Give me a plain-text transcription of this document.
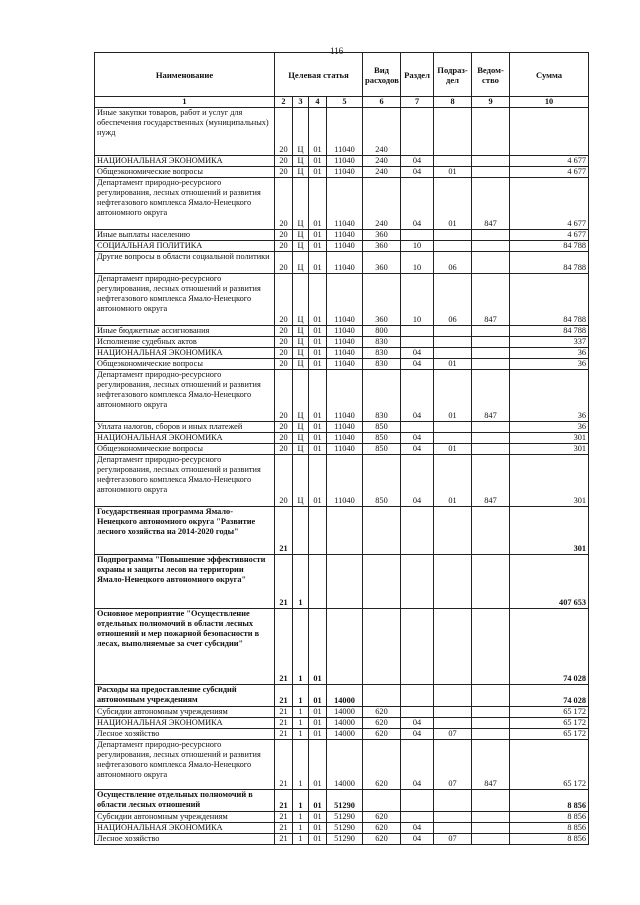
116
Наименование	Целевая статья				Вид расходов	Раздел	Подраз- дел	Ведом- ство	Сумма
1	2	3	4	5	6	7	8	9	10
Иные закупки товаров, работ и услуг для обеспечения государственных (муниципальных) нужд	20	Ц	01	11040	240				
НАЦИОНАЛЬНАЯ ЭКОНОМИКА	20	Ц	01	11040	240	04			4 677
Общеэкономические вопросы	20	Ц	01	11040	240	04	01		4 677
Департамент природно-ресурсного регулирования, лесных отношений и развития нефтегазового комплекса Ямало-Ненецкого автономного округа	20	Ц	01	11040	240	04	01	847	4 677
Иные выплаты населению	20	Ц	01	11040	360				4 677
СОЦИАЛЬНАЯ ПОЛИТИКА	20	Ц	01	11040	360	10			84 788
Другие вопросы в области социальной политики	20	Ц	01	11040	360	10	06		84 788
Департамент природно-ресурсного регулирования, лесных отношений и развития нефтегазового комплекса Ямало-Ненецкого автономного округа	20	Ц	01	11040	360	10	06	847	84 788
Иные бюджетные ассигнования	20	Ц	01	11040	800				84 788
Исполнение судебных актов	20	Ц	01	11040	830				337
НАЦИОНАЛЬНАЯ ЭКОНОМИКА	20	Ц	01	11040	830	04			36
Общеэкономические вопросы	20	Ц	01	11040	830	04	01		36
Департамент природно-ресурсного регулирования, лесных отношений и развития нефтегазового комплекса Ямало-Ненецкого автономного округа	20	Ц	01	11040	830	04	01	847	36
Уплата налогов, сборов и иных платежей	20	Ц	01	11040	850				36
НАЦИОНАЛЬНАЯ ЭКОНОМИКА	20	Ц	01	11040	850	04			301
Общеэкономические вопросы	20	Ц	01	11040	850	04	01		301
Департамент природно-ресурсного регулирования, лесных отношений и развития нефтегазового комплекса Ямало-Ненецкого автономного округа	20	Ц	01	11040	850	04	01	847	301
Государственная программа Ямало-Ненецкого автономного округа "Развитие лесного хозяйства на 2014-2020 годы"	21								301
Подпрограмма "Повышение эффективности охраны и защиты лесов на территории Ямало-Ненецкого автономного округа"	21	1							407 653
Основное мероприятие "Осуществление отдельных полномочий в области лесных отношений и мер пожарной безопасности в лесах, выполняемые за счет субсидии"	21	1	01						74 028
Расходы на предоставление субсидий автономным учреждениям	21	1	01	14000					74 028
Субсидии автономным учреждениям	21	1	01	14000	620				65 172
НАЦИОНАЛЬНАЯ ЭКОНОМИКА	21	1	01	14000	620	04			65 172
Лесное хозяйство	21	1	01	14000	620	04	07		65 172
Департамент природно-ресурсного регулирования, лесных отношений и развития нефтегазового комплекса Ямало-Ненецкого автономного округа	21	1	01	14000	620	04	07	847	65 172
Осуществление отдельных полномочий в области лесных отношений	21	1	01	51290					8 856
Субсидии автономным учреждениям	21	1	01	51290	620				8 856
НАЦИОНАЛЬНАЯ ЭКОНОМИКА	21	1	01	51290	620	04			8 856
Лесное хозяйство	21	1	01	51290	620	04	07		8 856
